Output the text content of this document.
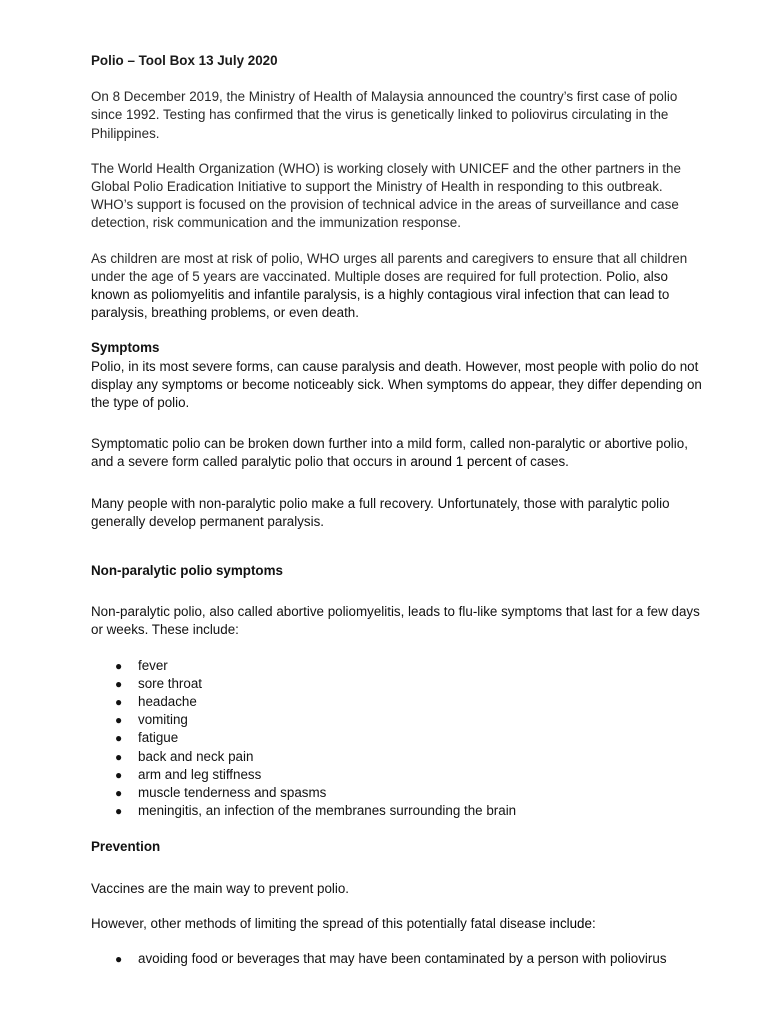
Polio – Tool Box 13 July 2020

On 8 December 2019, the Ministry of Health of Malaysia announced the country’s first case of polio since 1992. Testing has confirmed that the virus is genetically linked to poliovirus circulating in the Philippines.

The World Health Organization (WHO) is working closely with UNICEF and the other partners in the Global Polio Eradication Initiative to support the Ministry of Health in responding to this outbreak. WHO’s support is focused on the provision of technical advice in the areas of surveillance and case detection, risk communication and the immunization response.

As children are most at risk of polio, WHO urges all parents and caregivers to ensure that all children under the age of 5 years are vaccinated. Multiple doses are required for full protection. Polio, also known as poliomyelitis and infantile paralysis, is a highly contagious viral infection that can lead to paralysis, breathing problems, or even death.

Symptoms

Polio, in its most severe forms, can cause paralysis and death. However, most people with polio do not display any symptoms or become noticeably sick. When symptoms do appear, they differ depending on the type of polio.

Symptomatic polio can be broken down further into a mild form, called non-paralytic or abortive polio, and a severe form called paralytic polio that occurs in around 1 percent of cases.

Many people with non-paralytic polio make a full recovery. Unfortunately, those with paralytic polio generally develop permanent paralysis.

Non-paralytic polio symptoms

Non-paralytic polio, also called abortive poliomyelitis, leads to flu-like symptoms that last for a few days or weeks. These include:

● fever
● sore throat
● headache
● vomiting
● fatigue
● back and neck pain
● arm and leg stiffness
● muscle tenderness and spasms
● meningitis, an infection of the membranes surrounding the brain

Prevention

Vaccines are the main way to prevent polio.

However, other methods of limiting the spread of this potentially fatal disease include:

● avoiding food or beverages that may have been contaminated by a person with poliovirus
